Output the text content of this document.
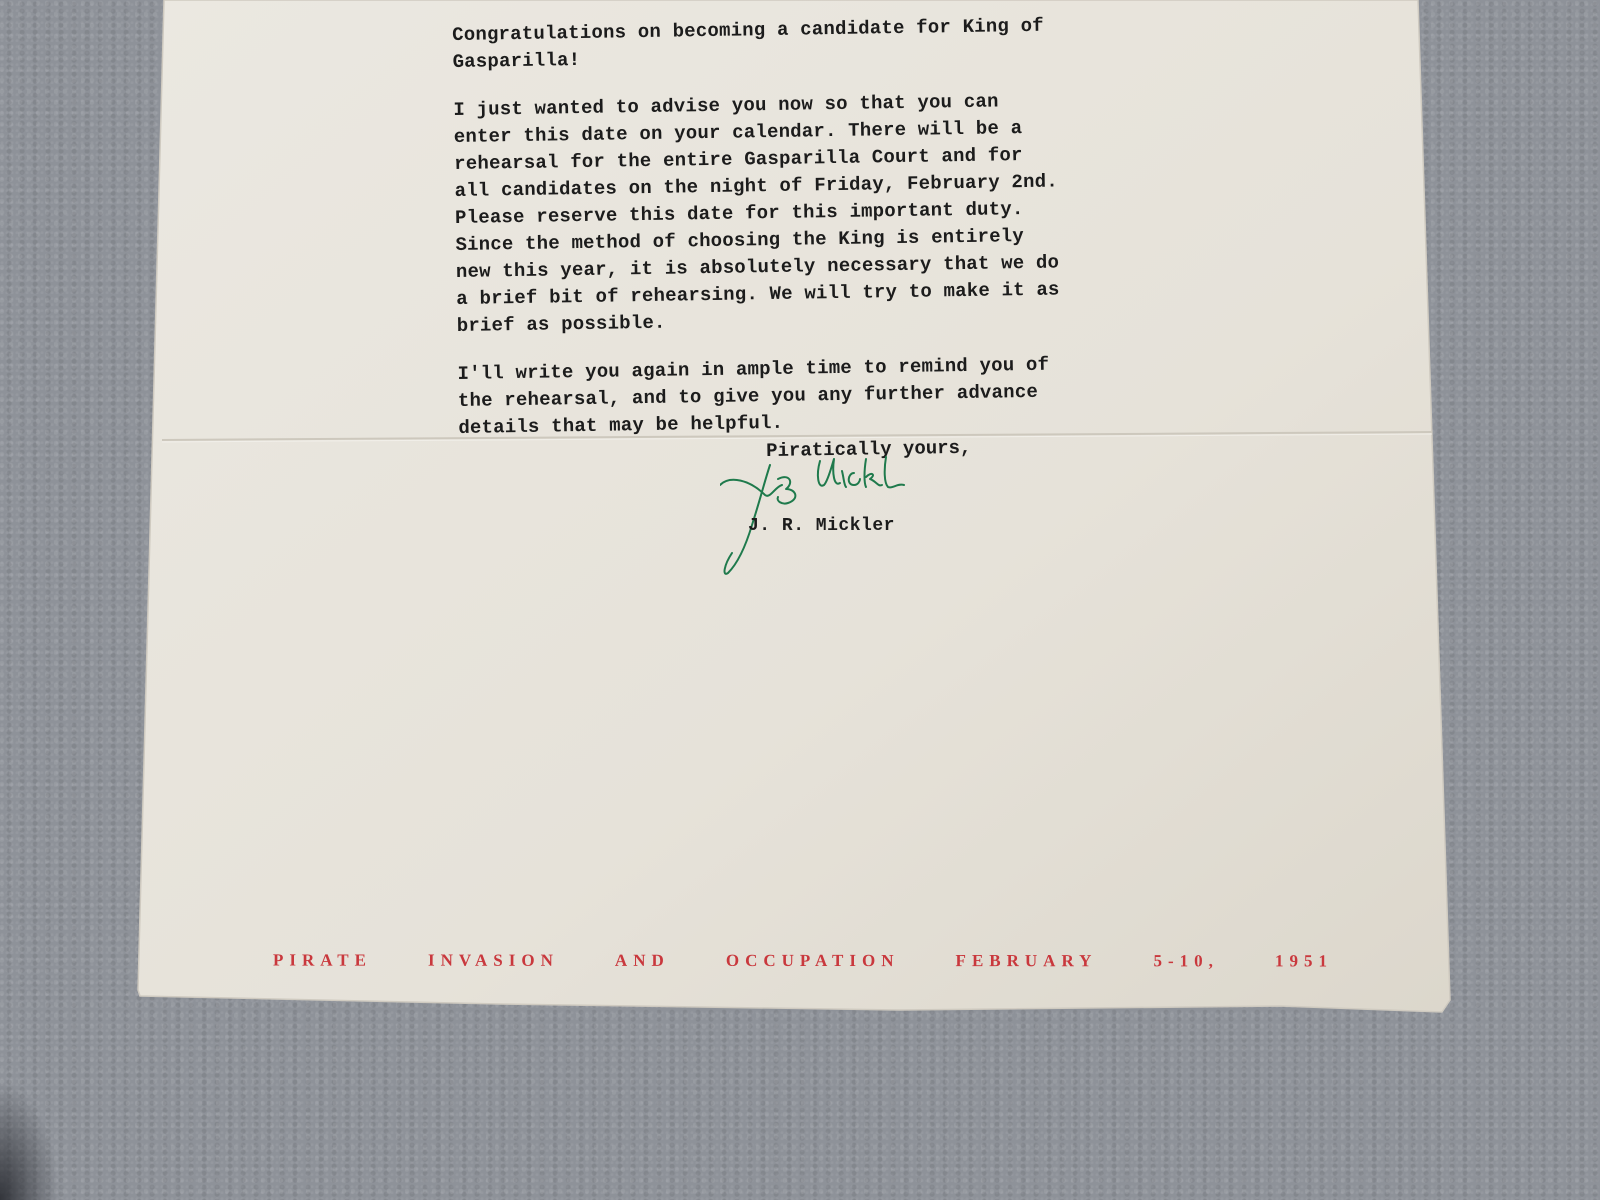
Congratulations on becoming a candidate for King of
Gasparilla!

I just wanted to advise you now so that you can
enter this date on your calendar. There will be a
rehearsal for the entire Gasparilla Court and for
all candidates on the night of Friday, February 2nd.
Please reserve this date for this important duty.
Since the method of choosing the King is entirely
new this year, it is absolutely necessary that we do
a brief bit of rehearsing. We will try to make it as
brief as possible.

I'll write you again in ample time to remind you of
the rehearsal, and to give you any further advance
details that may be helpful.

Piratically yours,
J. R. Mickler
PIRATE	INVASION	AND	OCCUPATION	FEBRUARY	5-10,	1951
